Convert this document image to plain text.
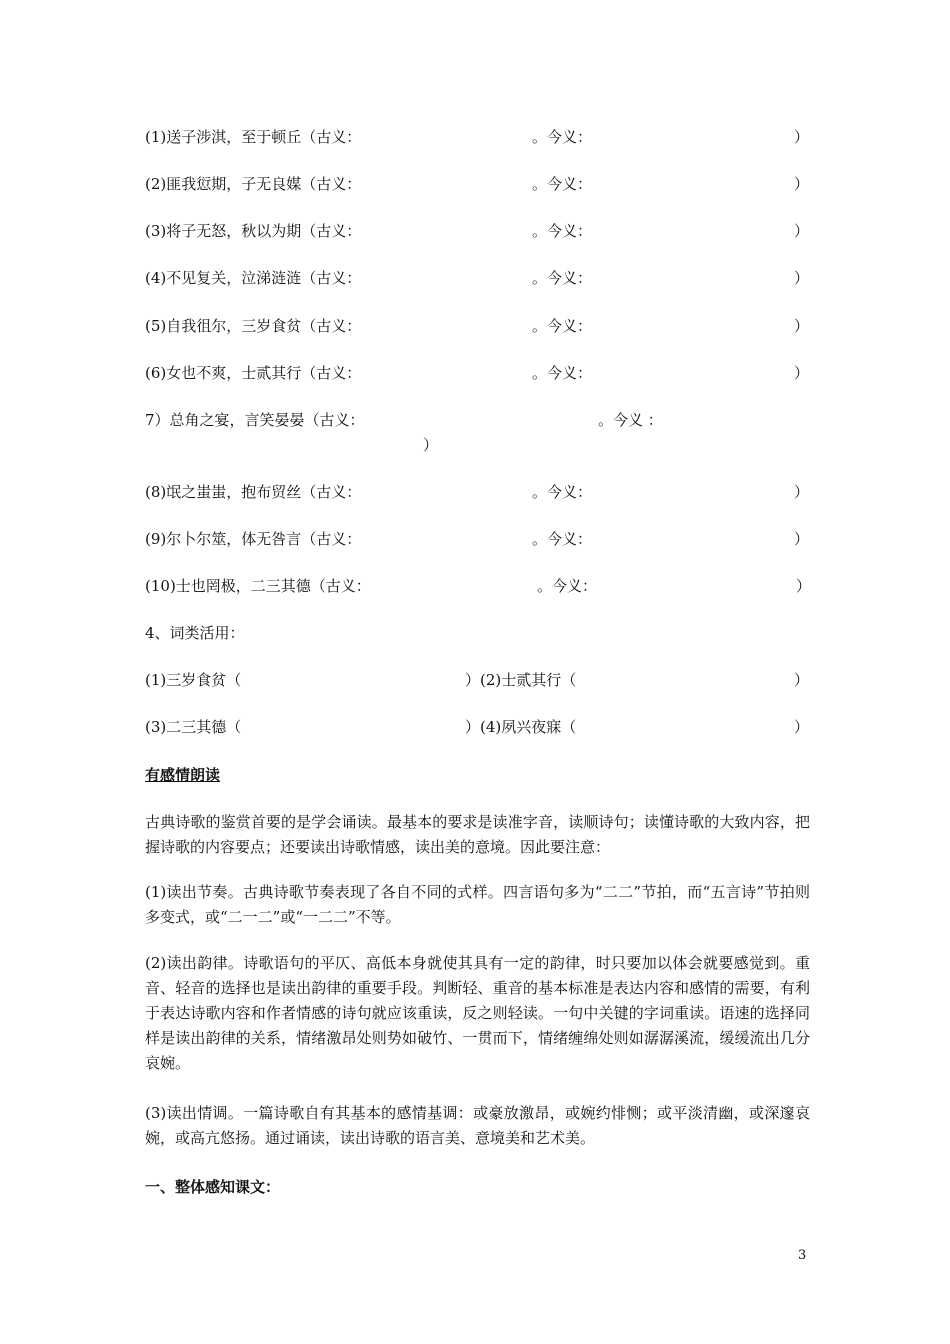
(1)送子涉淇，至于顿丘（古义：	。今义：	）
(2)匪我愆期，子无良媒（古义：	。今义：	）
(3)将子无怒，秋以为期（古义：	。今义：	）
(4)不见复关，泣涕涟涟（古义：	。今义：	）
(5)自我徂尔，三岁食贫（古义：	。今义：	）
(6)女也不爽，士贰其行（古义：	。今义：	）
7）总角之宴，言笑晏晏（古义：	。今义 ：
）
(8)氓之蚩蚩，抱布贸丝（古义：	。今义：	）
(9)尔卜尔筮，体无咎言（古义：	。今义：	）
(10)士也罔极，二三其德（古义：	。今义：	）
4、词类活用：
(1)三岁食贫（	）(2)士贰其行（	）
(3)二三其德（	）(4)夙兴夜寐（	）
有感情朗读
古典诗歌的鉴赏首要的是学会诵读。最基本的要求是读准字音，读顺诗句；读懂诗歌的大致内容，把握诗歌的内容要点；还要读出诗歌情感，读出美的意境。因此要注意：
(1)读出节奏。古典诗歌节奏表现了各自不同的式样。四言语句多为“二二”节拍，而“五言诗”节拍则多变式，或“二一二”或“一二二”不等。
(2)读出韵律。诗歌语句的平仄、高低本身就使其具有一定的韵律，时只要加以体会就要感觉到。重音、轻音的选择也是读出韵律的重要手段。判断轻、重音的基本标准是表达内容和感情的需要，有利于表达诗歌内容和作者情感的诗句就应该重读，反之则轻读。一句中关键的字词重读。语速的选择同样是读出韵律的关系，情绪激昂处则势如破竹、一贯而下，情绪缠绵处则如潺潺溪流，缓缓流出几分哀婉。
(3)读出情调。一篇诗歌自有其基本的感情基调：或豪放激昂，或婉约悱恻；或平淡清幽，或深邃哀婉，或高亢悠扬。通过诵读，读出诗歌的语言美、意境美和艺术美。
一、整体感知课文：
3
